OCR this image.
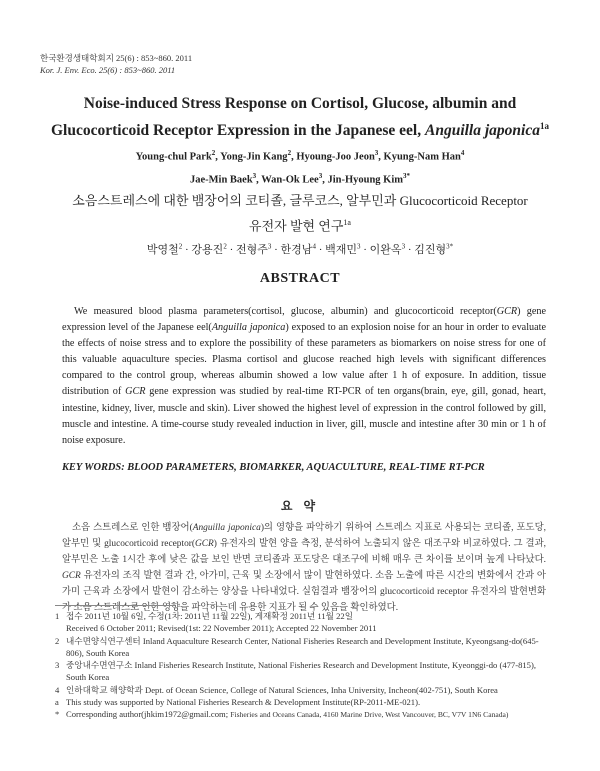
한국환경생태학회지 25(6) : 853~860. 2011
Kor. J. Env. Eco. 25(6) : 853~860. 2011
Noise-induced Stress Response on Cortisol, Glucose, albumin and
Glucocorticoid Receptor Expression in the Japanese eel, Anguilla japonica$^{1a}$
Young-chul Park$^2$, Yong-Jin Kang$^2$, Hyoung-Joo Jeon$^3$, Kyung-Nam Han$^4$
Jae-Min Baek$^3$, Wan-Ok Lee$^3$, Jin-Hyoung Kim$^{3*}$
소음스트레스에 대한 뱀장어의 코티졸, 글루코스, 알부민과 Glucocorticoid Receptor
유전자 발현 연구$^{1a}$
박영철$^2$ · 강용진$^2$ · 전형주$^3$ · 한경남$^4$ · 백재민$^3$ · 이완옥$^3$ · 김진형$^{3*}$
ABSTRACT
We measured blood plasma parameters(cortisol, glucose, albumin) and glucocorticoid receptor(GCR) gene expression level of the Japanese eel(Anguilla japonica) exposed to an explosion noise for an hour in order to evaluate the effects of noise stress and to explore the possibility of these parameters as biomarkers on noise stress for one of this valuable aquaculture species. Plasma cortisol and glucose reached high levels with significant differences compared to the control group, whereas albumin showed a low value after 1 h of exposure. In addition, tissue distribution of GCR gene expression was studied by real-time RT-PCR of ten organs(brain, eye, gill, gonad, heart, intestine, kidney, liver, muscle and skin). Liver showed the highest level of expression in the control followed by gill, muscle and intestine. A time-course study revealed induction in liver, gill, muscle and intestine after 30 min or 1 h of noise exposure.
KEY WORDS: BLOOD PARAMETERS, BIOMARKER, AQUACULTURE, REAL-TIME RT-PCR
요 약
소음 스트레스로 인한 뱀장어(Anguilla japonica)의 영향을 파악하기 위하여 스트레스 지표로 사용되는 코티졸, 포도당, 알부민 및 glucocorticoid receptor(GCR) 유전자의 발현 양을 측정, 분석하여 노출되지 않은 대조구와 비교하였다. 그 결과, 알부민은 노출 1시간 후에 낮은 값을 보인 반면 코티졸과 포도당은 대조구에 비해 매우 큰 차이를 보이며 높게 나타났다. GCR 유전자의 조직 발현 결과 간, 아가미, 근육 및 소장에서 많이 발현하였다. 소음 노출에 따른 시간의 변화에서 간과 아가미 근육과 소장에서 발현이 감소하는 양상을 나타내었다. 실험결과 뱀장어의 glucocorticoid receptor 유전자의 발현변화가 소음 스트레스로 인한 영향을 파악하는데 유용한 지표가 될 수 있음을 확인하였다.
1 접수 2011년 10월 6일, 수정(1차: 2011년 11월 22일), 게재확정 2011년 11월 22일
Received 6 October 2011; Revised(1st: 22 November 2011); Accepted 22 November 2011
2 내수면양식연구센터 Inland Aquaculture Research Center, National Fisheries Research and Development Institute, Kyeongsang-do(645-806), South Korea
3 중앙내수면연구소 Inland Fisheries Research Institute, National Fisheries Research and Development Institute, Kyeonggi-do (477-815), South Korea
4 인하대학교 해양학과 Dept. of Ocean Science, College of Natural Sciences, Inha University, Incheon(402-751), South Korea
a This study was supported by National Fisheries Research & Development Institute(RP-2011-ME-021).
* Corresponding author(jhkim1972@gmail.com; Fisheries and Oceans Canada, 4160 Marine Drive, West Vancouver, BC, V7V 1N6 Canada)
